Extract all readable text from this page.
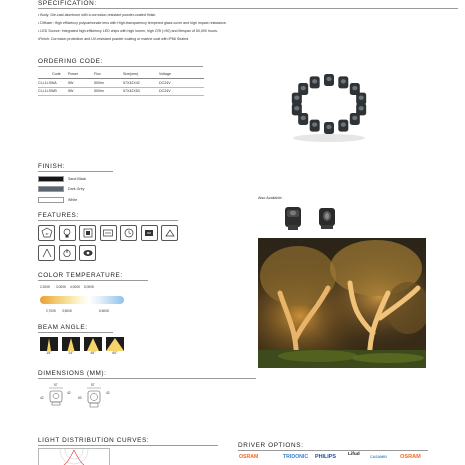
SPECIFICATION:
• Body: Die-cast aluminum with a corrosion-resistant powder-coated finish.
• Diffuser: High efficiency polycarbonate lens with High-transparency tempered glass cover and high impact resistance.
• LED Source: Integrated high-efficiency LED chips with high lumen, high CRI (>90) and lifespan of 50,000 hours.
•Finish: Corrosion protection and UV-resistant powder coating or marine coat with IP66 Sealed.
ORDERING CODE:
Code	Power	Flux	Size(mm)	Voltage
CLL1LSWA	5W	500lm	57X42X42	DC24V
CLL1LSWB	5W	500lm	57X42X53	DC24V
FINISH:
Sand Black
Dark Grey
White	Also Available:
FEATURES:
IP
COLOR TEMPERATURE:
2,200K 3,000K 4,000K 5,000K
2,700K 3,500K	6,500K
BEAM ANGLE:
15°	24°	45°	60°
DIMENSIONS (MM):
57
42
42
57
53
42
LIGHT DISTRIBUTION CURVES:
DRIVER OPTIONS:
OSRAM	TRIDONIC PHILIPS	Lifud	CASAMBI OSRAM
